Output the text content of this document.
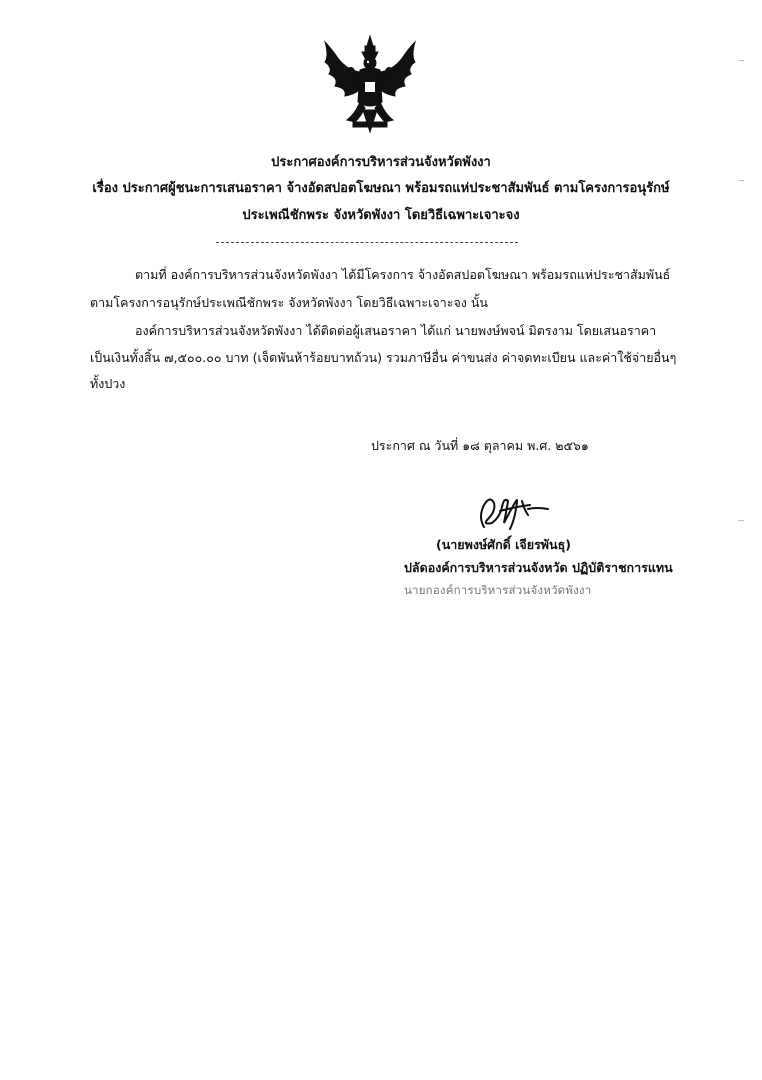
ประกาศองค์การบริหารส่วนจังหวัดพังงา
เรื่อง ประกาศผู้ชนะการเสนอราคา จ้างอัดสปอตโฆษณา พร้อมรถแห่ประชาสัมพันธ์ ตามโครงการอนุรักษ์
ประเพณีชักพระ จังหวัดพังงา โดยวิธีเฉพาะเจาะจง
ตามที่ องค์การบริหารส่วนจังหวัดพังงา ได้มีโครงการ จ้างอัดสปอตโฆษณา พร้อมรถแห่ประชาสัมพันธ์
ตามโครงการอนุรักษ์ประเพณีชักพระ จังหวัดพังงา โดยวิธีเฉพาะเจาะจง นั้น
องค์การบริหารส่วนจังหวัดพังงา ได้ติดต่อผู้เสนอราคา ได้แก่ นายพงษ์พจน์ มิตรงาม โดยเสนอราคา
เป็นเงินทั้งสิ้น ๗,๕๐๐.๐๐ บาท (เจ็ดพันห้าร้อยบาทถ้วน) รวมภาษีอื่น ค่าขนส่ง ค่าจดทะเบียน และค่าใช้จ่ายอื่นๆ
ทั้งปวง
ประกาศ ณ วันที่ ๑๘ ตุลาคม พ.ศ. ๒๕๖๑
(นายพงษ์ศักดิ์ เจียรพันธุ)
ปลัดองค์การบริหารส่วนจังหวัด ปฏิบัติราชการแทน
นายกองค์การบริหารส่วนจังหวัดพังงา
